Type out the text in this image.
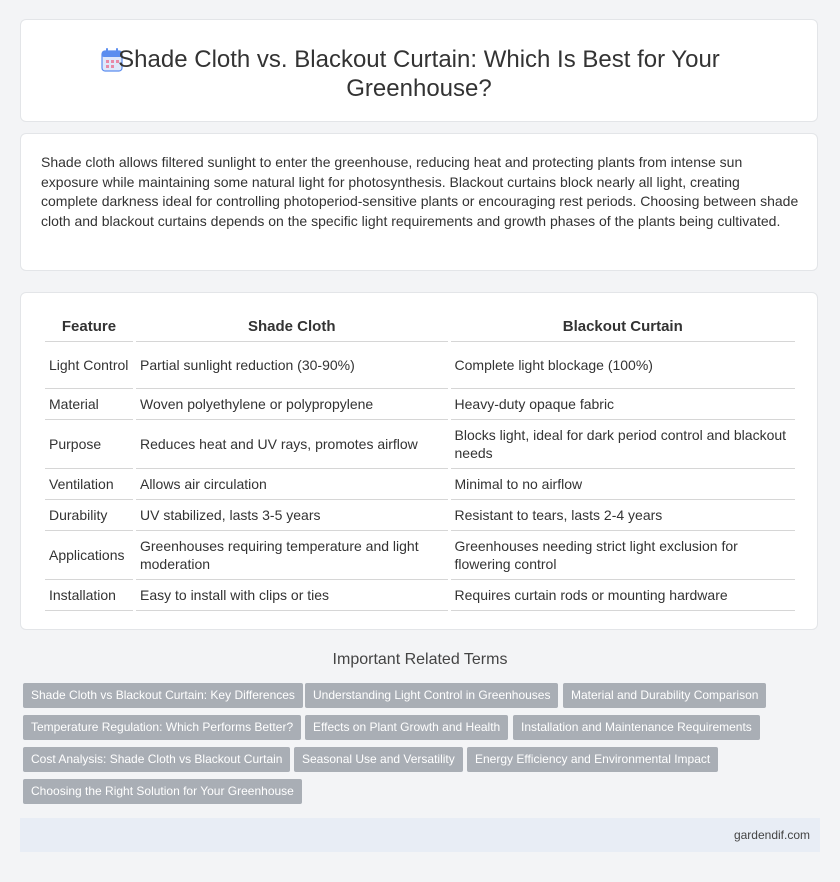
Shade Cloth vs. Blackout Curtain: Which Is Best for Your Greenhouse?

Shade cloth allows filtered sunlight to enter the greenhouse, reducing heat and protecting plants from intense sun exposure while maintaining some natural light for photosynthesis. Blackout curtains block nearly all light, creating complete darkness ideal for controlling photoperiod-sensitive plants or encouraging rest periods. Choosing between shade cloth and blackout curtains depends on the specific light requirements and growth phases of the plants being cultivated.

Feature	Shade Cloth	Blackout Curtain
Light Control	Partial sunlight reduction (30-90%)	Complete light blockage (100%)
Material	Woven polyethylene or polypropylene	Heavy-duty opaque fabric
Purpose	Reduces heat and UV rays, promotes airflow	Blocks light, ideal for dark period control and blackout needs
Ventilation	Allows air circulation	Minimal to no airflow
Durability	UV stabilized, lasts 3-5 years	Resistant to tears, lasts 2-4 years
Applications	Greenhouses requiring temperature and light moderation	Greenhouses needing strict light exclusion for flowering control
Installation	Easy to install with clips or ties	Requires curtain rods or mounting hardware
Important Related Terms
Shade Cloth vs Blackout Curtain: Key Differences	Understanding Light Control in Greenhouses	Material and Durability Comparison
Temperature Regulation: Which Performs Better?	Effects on Plant Growth and Health	Installation and Maintenance Requirements
Cost Analysis: Shade Cloth vs Blackout Curtain	Seasonal Use and Versatility	Energy Efficiency and Environmental Impact
Choosing the Right Solution for Your Greenhouse
gardendif.com
